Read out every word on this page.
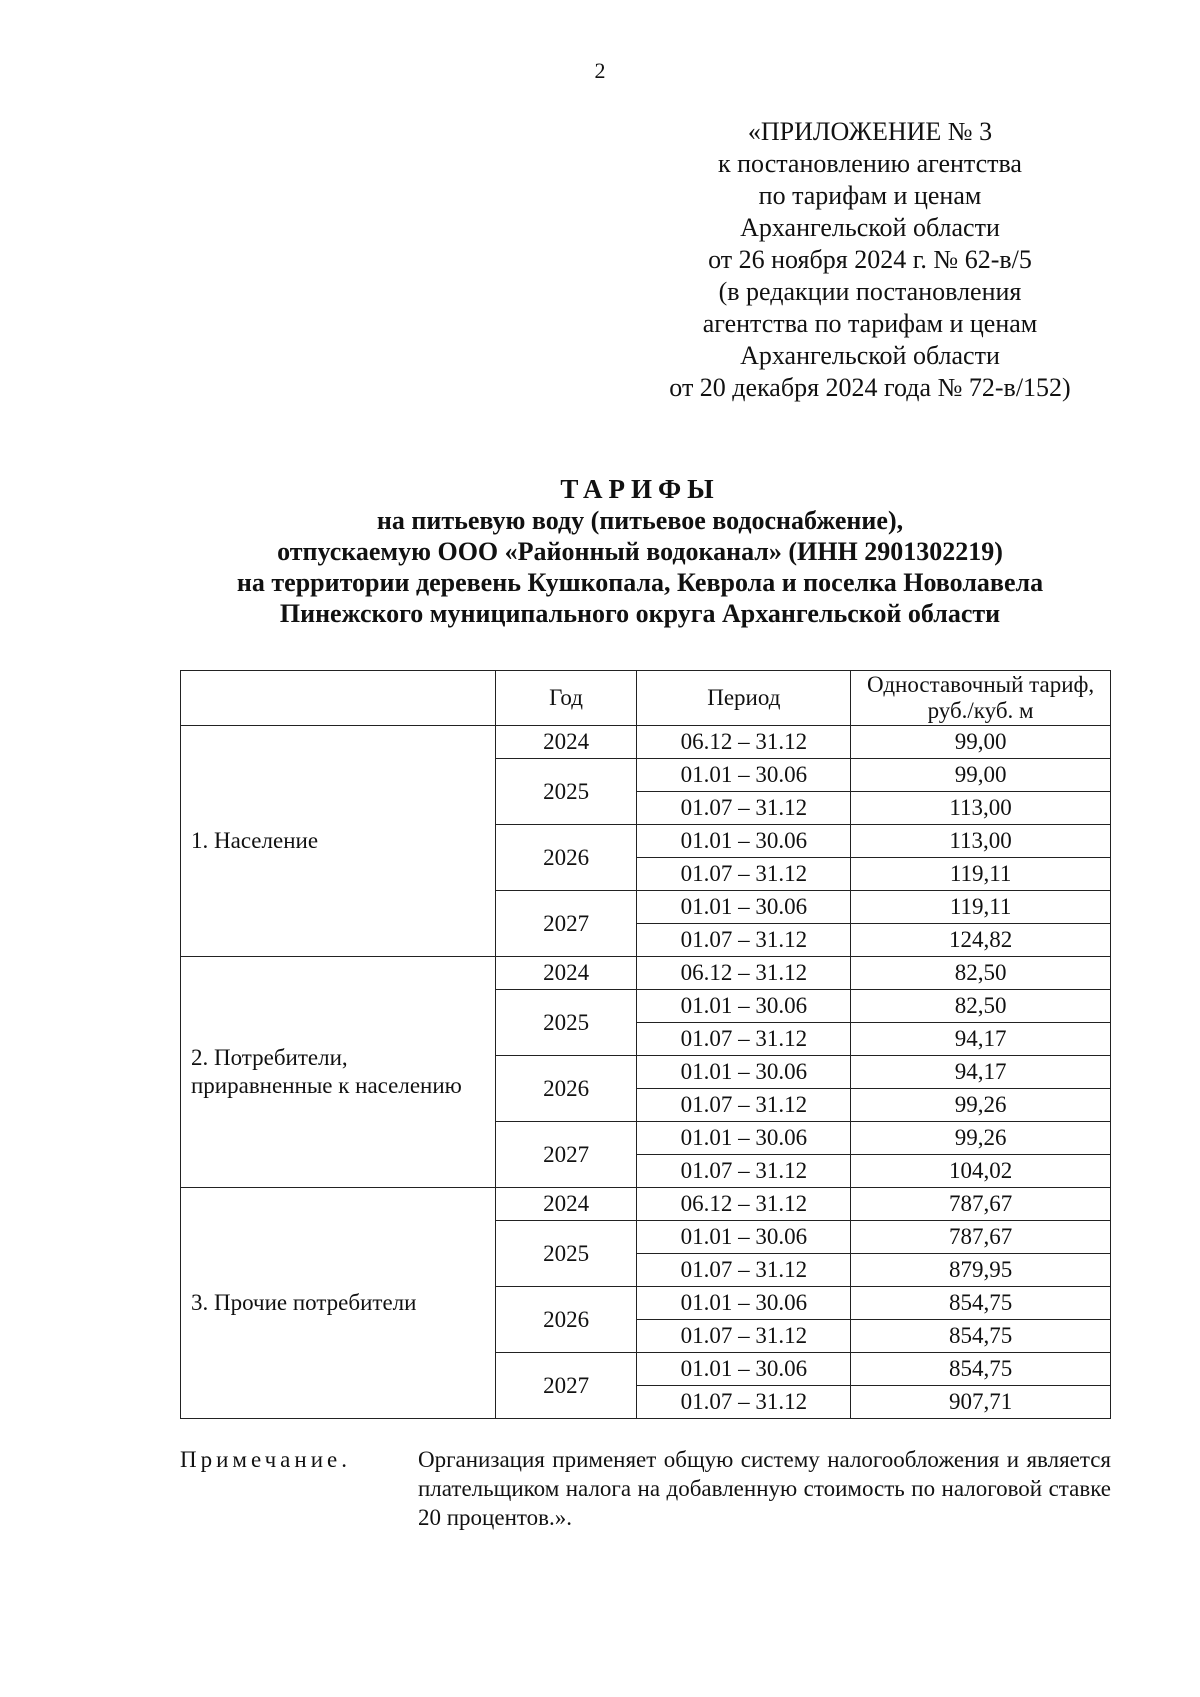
2
«ПРИЛОЖЕНИЕ № 3
к постановлению агентства
по тарифам и ценам
Архангельской области
от 26 ноября 2024 г. № 62-в/5
(в редакции постановления
агентства по тарифам и ценам
Архангельской области
от 20 декабря 2024 года № 72-в/152)
ТАРИФЫ
на питьевую воду (питьевое водоснабжение),
отпускаемую ООО «Районный водоканал» (ИНН 2901302219)
на территории деревень Кушкопала, Кеврола и поселка Новолавела
Пинежского муниципального округа Архангельской области
	Год	Период	Одноставочный тариф, руб./куб. м
1. Население	2024	06.12 – 31.12	99,00
	2025	01.01 – 30.06	99,00
		01.07 – 31.12	113,00
	2026	01.01 – 30.06	113,00
		01.07 – 31.12	119,11
	2027	01.01 – 30.06	119,11
		01.07 – 31.12	124,82
2. Потребители, приравненные к населению	2024	06.12 – 31.12	82,50
	2025	01.01 – 30.06	82,50
		01.07 – 31.12	94,17
	2026	01.01 – 30.06	94,17
		01.07 – 31.12	99,26
	2027	01.01 – 30.06	99,26
		01.07 – 31.12	104,02
3. Прочие потребители	2024	06.12 – 31.12	787,67
	2025	01.01 – 30.06	787,67
		01.07 – 31.12	879,95
	2026	01.01 – 30.06	854,75
		01.07 – 31.12	854,75
	2027	01.01 – 30.06	854,75
		01.07 – 31.12	907,71
Примечание.	Организация применяет общую систему налогообложения и является плательщиком налога на добавленную стоимость по налоговой ставке 20 процентов.».
